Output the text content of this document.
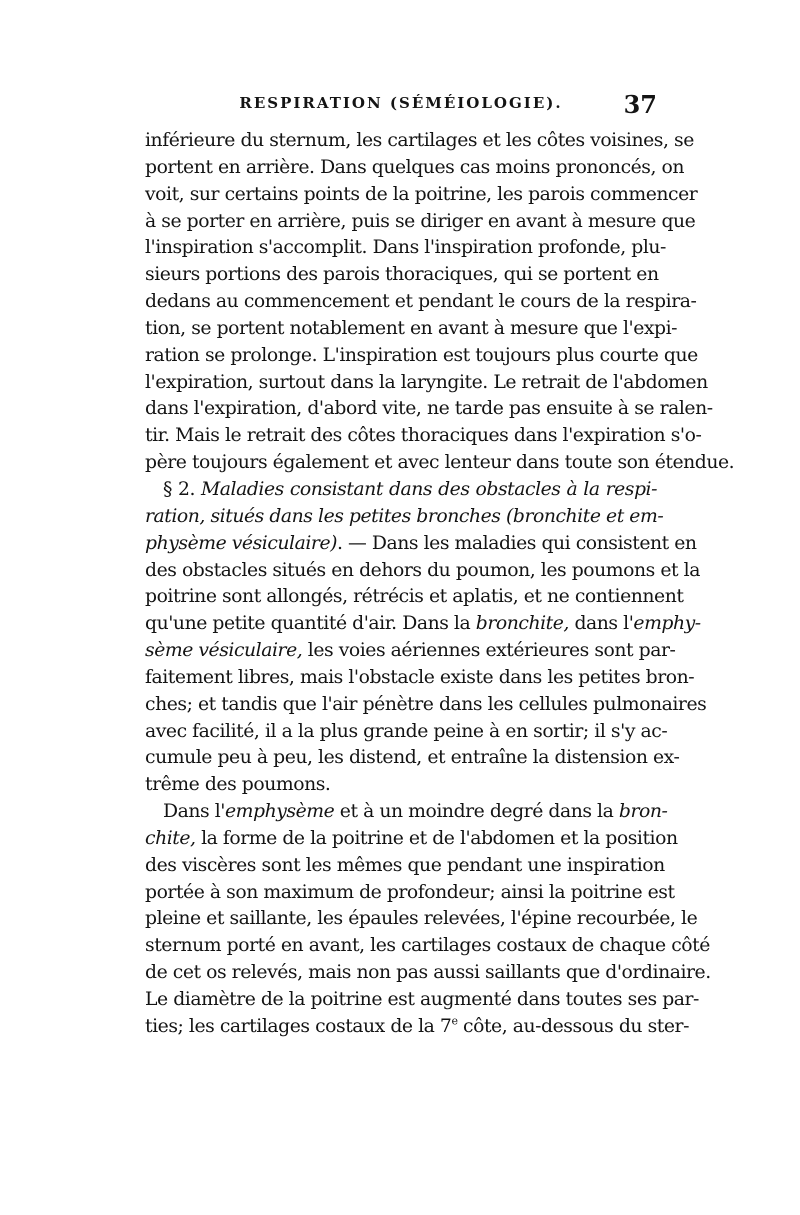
RESPIRATION (SÉMÉIOLOGIE).	37
inférieure du sternum, les cartilages et les côtes voisines, se
portent en arrière. Dans quelques cas moins prononcés, on
voit, sur certains points de la poitrine, les parois commencer
à se porter en arrière, puis se diriger en avant à mesure que
l'inspiration s'accomplit. Dans l'inspiration profonde, plu-
sieurs portions des parois thoraciques, qui se portent en
dedans au commencement et pendant le cours de la respira-
tion, se portent notablement en avant à mesure que l'expi-
ration se prolonge. L'inspiration est toujours plus courte que
l'expiration, surtout dans la laryngite. Le retrait de l'abdomen
dans l'expiration, d'abord vite, ne tarde pas ensuite à se ralen-
tir. Mais le retrait des côtes thoraciques dans l'expiration s'o-
père toujours également et avec lenteur dans toute son étendue.
§ 2. Maladies consistant dans des obstacles à la respi-
ration, situés dans les petites bronches (bronchite et em-
physème vésiculaire). — Dans les maladies qui consistent en
des obstacles situés en dehors du poumon, les poumons et la
poitrine sont allongés, rétrécis et aplatis, et ne contiennent
qu'une petite quantité d'air. Dans la bronchite, dans l'emphy-
sème vésiculaire, les voies aériennes extérieures sont par-
faitement libres, mais l'obstacle existe dans les petites bron-
ches; et tandis que l'air pénètre dans les cellules pulmonaires
avec facilité, il a la plus grande peine à en sortir; il s'y ac-
cumule peu à peu, les distend, et entraîne la distension ex-
trême des poumons.
Dans l'emphysème et à un moindre degré dans la bron-
chite, la forme de la poitrine et de l'abdomen et la position
des viscères sont les mêmes que pendant une inspiration
portée à son maximum de profondeur; ainsi la poitrine est
pleine et saillante, les épaules relevées, l'épine recourbée, le
sternum porté en avant, les cartilages costaux de chaque côté
de cet os relevés, mais non pas aussi saillants que d'ordinaire.
Le diamètre de la poitrine est augmenté dans toutes ses par-
ties; les cartilages costaux de la 7e côte, au-dessous du ster-
